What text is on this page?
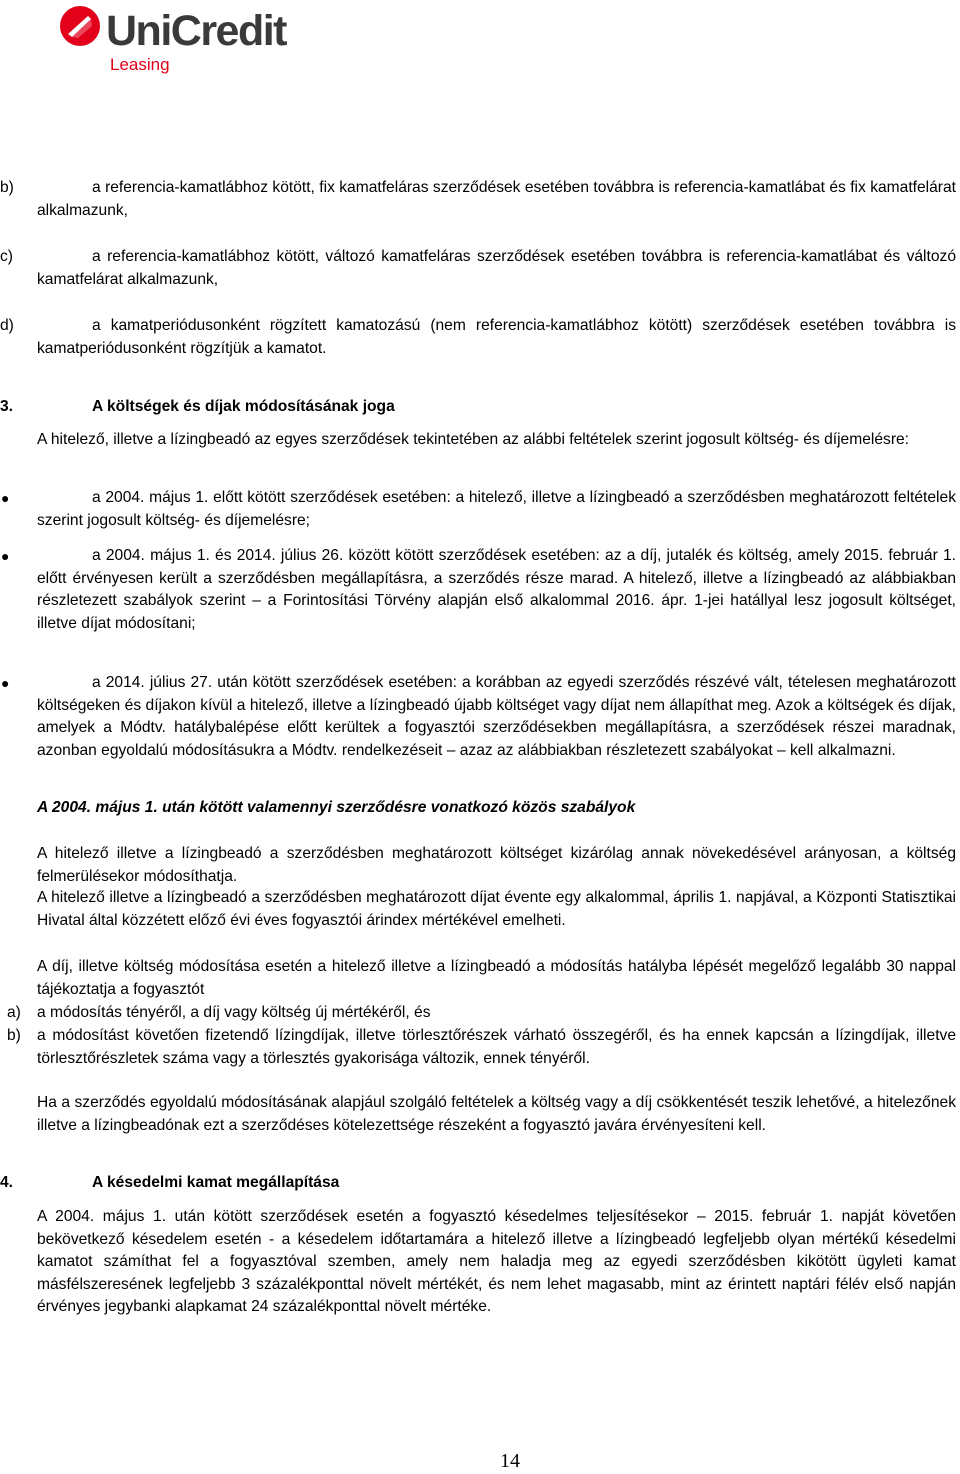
UniCredit
Leasing
b)	a referencia-kamatlábhoz kötött, fix kamatfeláras szerződések esetében továbbra is referencia-kamatlábat és fix kamatfelárat alkalmazunk,
c)	a referencia-kamatlábhoz kötött, változó kamatfeláras szerződések esetében továbbra is referencia-kamatlábat és változó kamatfelárat alkalmazunk,
d)	a kamatperiódusonként rögzített kamatozású (nem referencia-kamatlábhoz kötött) szerződések esetében továbbra is kamatperiódusonként rögzítjük a kamatot.
3.	A költségek és díjak módosításának joga
A hitelező, illetve a lízingbeadó az egyes szerződések tekintetében az alábbi feltételek szerint jogosult költség- és díjemelésre:
●	a 2004. május 1. előtt kötött szerződések esetében: a hitelező, illetve a lízingbeadó a szerződésben meghatározott feltételek szerint jogosult költség- és díjemelésre;
●	a 2004. május 1. és 2014. július 26. között kötött szerződések esetében: az a díj, jutalék és költség, amely 2015. február 1. előtt érvényesen került a szerződésben megállapításra, a szerződés része marad. A hitelező, illetve a lízingbeadó az alábbiakban részletezett szabályok szerint – a Forintosítási Törvény alapján első alkalommal 2016. ápr. 1-jei hatállyal lesz jogosult költséget, illetve díjat módosítani;
●	a 2014. július 27. után kötött szerződések esetében: a korábban az egyedi szerződés részévé vált, tételesen meghatározott költségeken és díjakon kívül a hitelező, illetve a lízingbeadó újabb költséget vagy díjat nem állapíthat meg. Azok a költségek és díjak, amelyek a Módtv. hatálybalépése előtt kerültek a fogyasztói szerződésekben megállapításra, a szerződések részei maradnak, azonban egyoldalú módosításukra a Módtv. rendelkezéseit – azaz az alábbiakban részletezett szabályokat – kell alkalmazni.
A 2004. május 1. után kötött valamennyi szerződésre vonatkozó közös szabályok
A hitelező illetve a lízingbeadó a szerződésben meghatározott költséget kizárólag annak növekedésével arányosan, a költség felmerülésekor módosíthatja.
A hitelező illetve a lízingbeadó a szerződésben meghatározott díjat évente egy alkalommal, április 1. napjával, a Központi Statisztikai Hivatal által közzétett előző évi éves fogyasztói árindex mértékével emelheti.
A díj, illetve költség módosítása esetén a hitelező illetve a lízingbeadó a módosítás hatályba lépését megelőző legalább 30 nappal tájékoztatja a fogyasztót
a) a módosítás tényéről, a díj vagy költség új mértékéről, és
b) a módosítást követően fizetendő lízingdíjak, illetve törlesztőrészek várható összegéről, és ha ennek kapcsán a lízingdíjak, illetve törlesztőrészletek száma vagy a törlesztés gyakorisága változik, ennek tényéről.
Ha a szerződés egyoldalú módosításának alapjául szolgáló feltételek a költség vagy a díj csökkentését teszik lehetővé, a hitelezőnek illetve a lízingbeadónak ezt a szerződéses kötelezettsége részeként a fogyasztó javára érvényesíteni kell.
4.	A késedelmi kamat megállapítása
A 2004. május 1. után kötött szerződések esetén a fogyasztó késedelmes teljesítésekor – 2015. február 1. napját követően bekövetkező késedelem esetén - a késedelem időtartamára a hitelező illetve a lízingbeadó legfeljebb olyan mértékű késedelmi kamatot számíthat fel a fogyasztóval szemben, amely nem haladja meg az egyedi szerződésben kikötött ügyleti kamat másfélszeresének legfeljebb 3 százalékponttal növelt mértékét, és nem lehet magasabb, mint az érintett naptári félév első napján érvényes jegybanki alapkamat 24 százalékponttal növelt mértéke.
14
